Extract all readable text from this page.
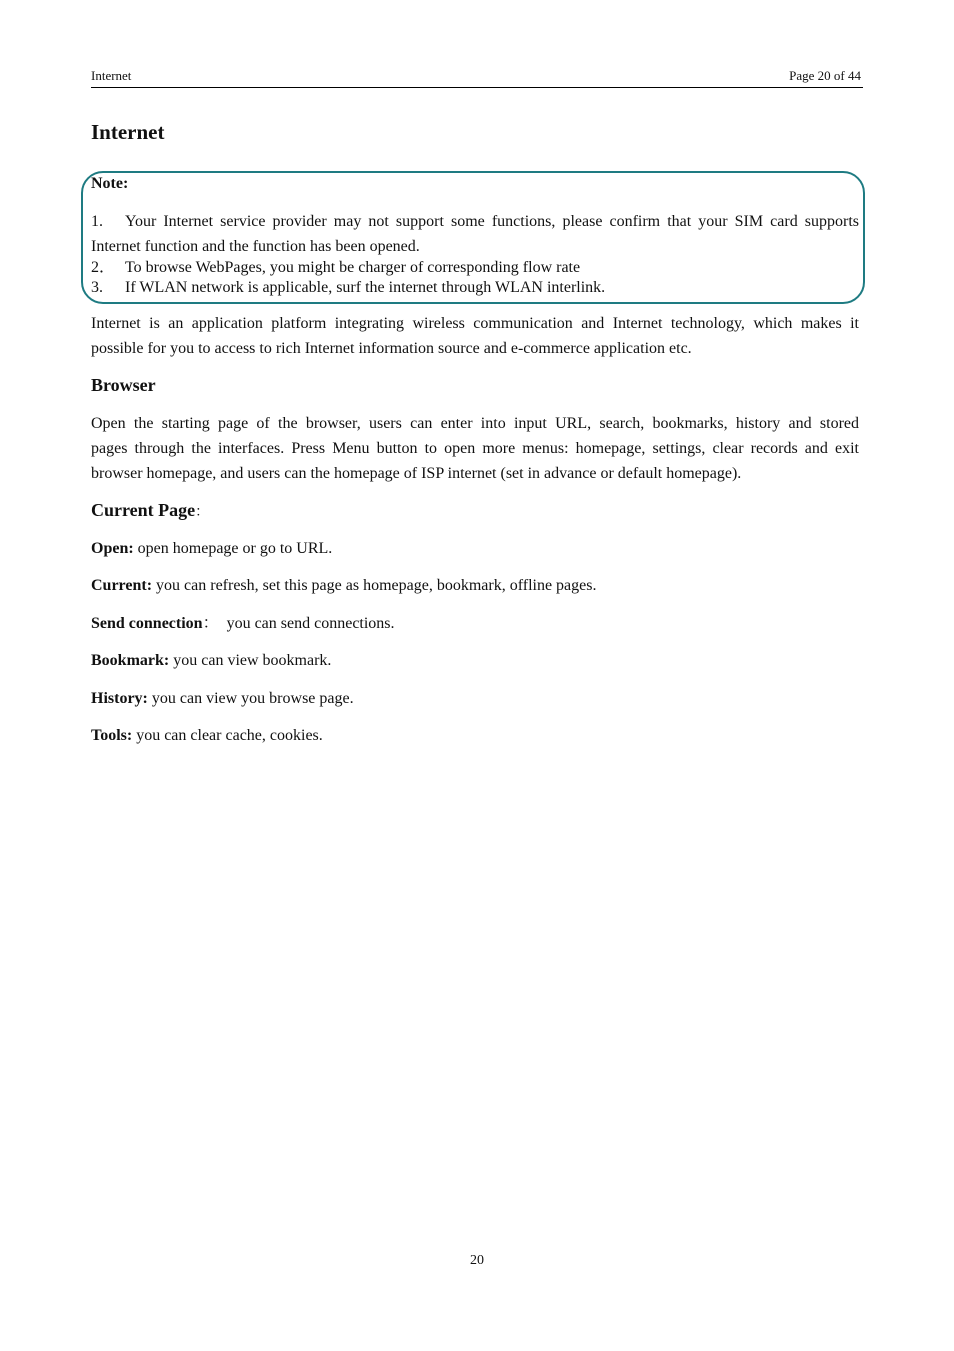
Internet	Page 20 of 44
Internet
Note:
1. Your Internet service provider may not support some functions, please confirm that your SIM card supports
Internet function and the function has been opened.
2． To browse WebPages, you might be charger of corresponding flow rate
3. If WLAN network is applicable, surf the internet through WLAN interlink.
Internet is an application platform integrating wireless communication and Internet technology, which makes it
possible for you to access to rich Internet information source and e-commerce application etc.
Browser
Open the starting page of the browser, users can enter into input URL, search, bookmarks, history and stored
pages through the interfaces. Press Menu button to open more menus: homepage, settings, clear records and exit
browser homepage, and users can the homepage of ISP internet (set in advance or default homepage).
Current Page：
Open: open homepage or go to URL.
Current: you can refresh, set this page as homepage, bookmark, offline pages.
Send connection：  you can send connections.
Bookmark: you can view bookmark.
History: you can view you browse page.
Tools: you can clear cache, cookies.
20
